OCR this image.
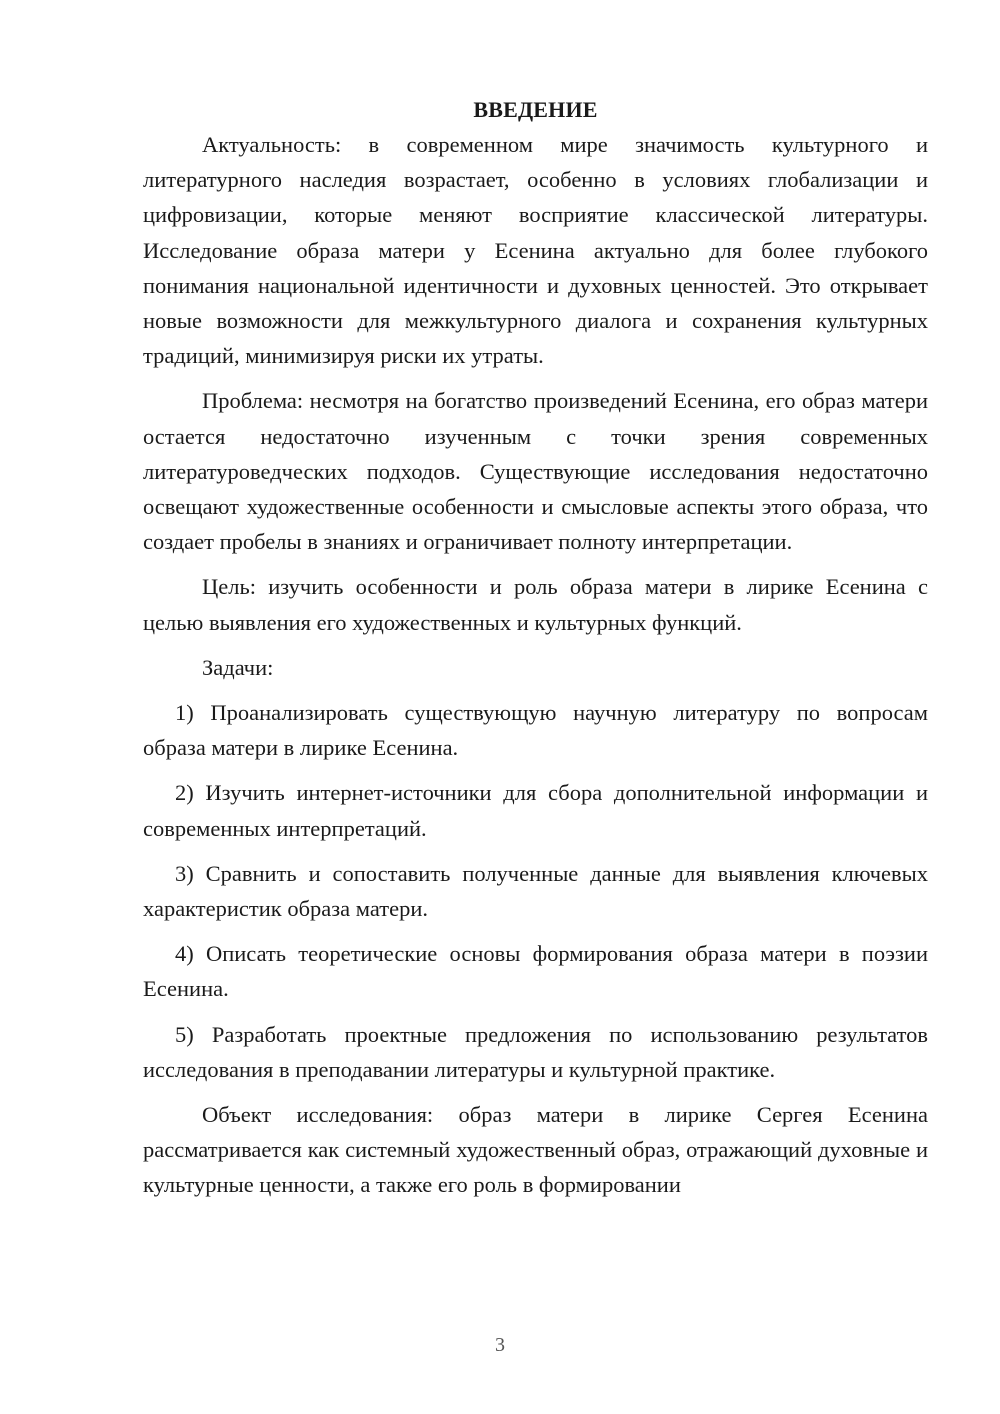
ВВЕДЕНИЕ

Актуальность: в современном мире значимость культурного и литературного наследия возрастает, особенно в условиях глобализации и цифровизации, которые меняют восприятие классической литературы. Исследование образа матери у Есенина актуально для более глубокого понимания национальной идентичности и духовных ценностей. Это открывает новые возможности для межкультурного диалога и сохранения культурных традиций, минимизируя риски их утраты.

Проблема: несмотря на богатство произведений Есенина, его образ матери остается недостаточно изученным с точки зрения современных литературоведческих подходов. Существующие исследования недостаточно освещают художественные особенности и смысловые аспекты этого образа, что создает пробелы в знаниях и ограничивает полноту интерпретации.

Цель: изучить особенности и роль образа матери в лирике Есенина с целью выявления его художественных и культурных функций.

Задачи:

1) Проанализировать существующую научную литературу по вопросам образа матери в лирике Есенина.

2) Изучить интернет-источники для сбора дополнительной информации и современных интерпретаций.

3) Сравнить и сопоставить полученные данные для выявления ключевых характеристик образа матери.

4) Описать теоретические основы формирования образа матери в поэзии Есенина.

5) Разработать проектные предложения по использованию результатов исследования в преподавании литературы и культурной практике.

Объект исследования: образ матери в лирике Сергея Есенина рассматривается как системный художественный образ, отражающий духовные и культурные ценности, а также его роль в формировании

3
